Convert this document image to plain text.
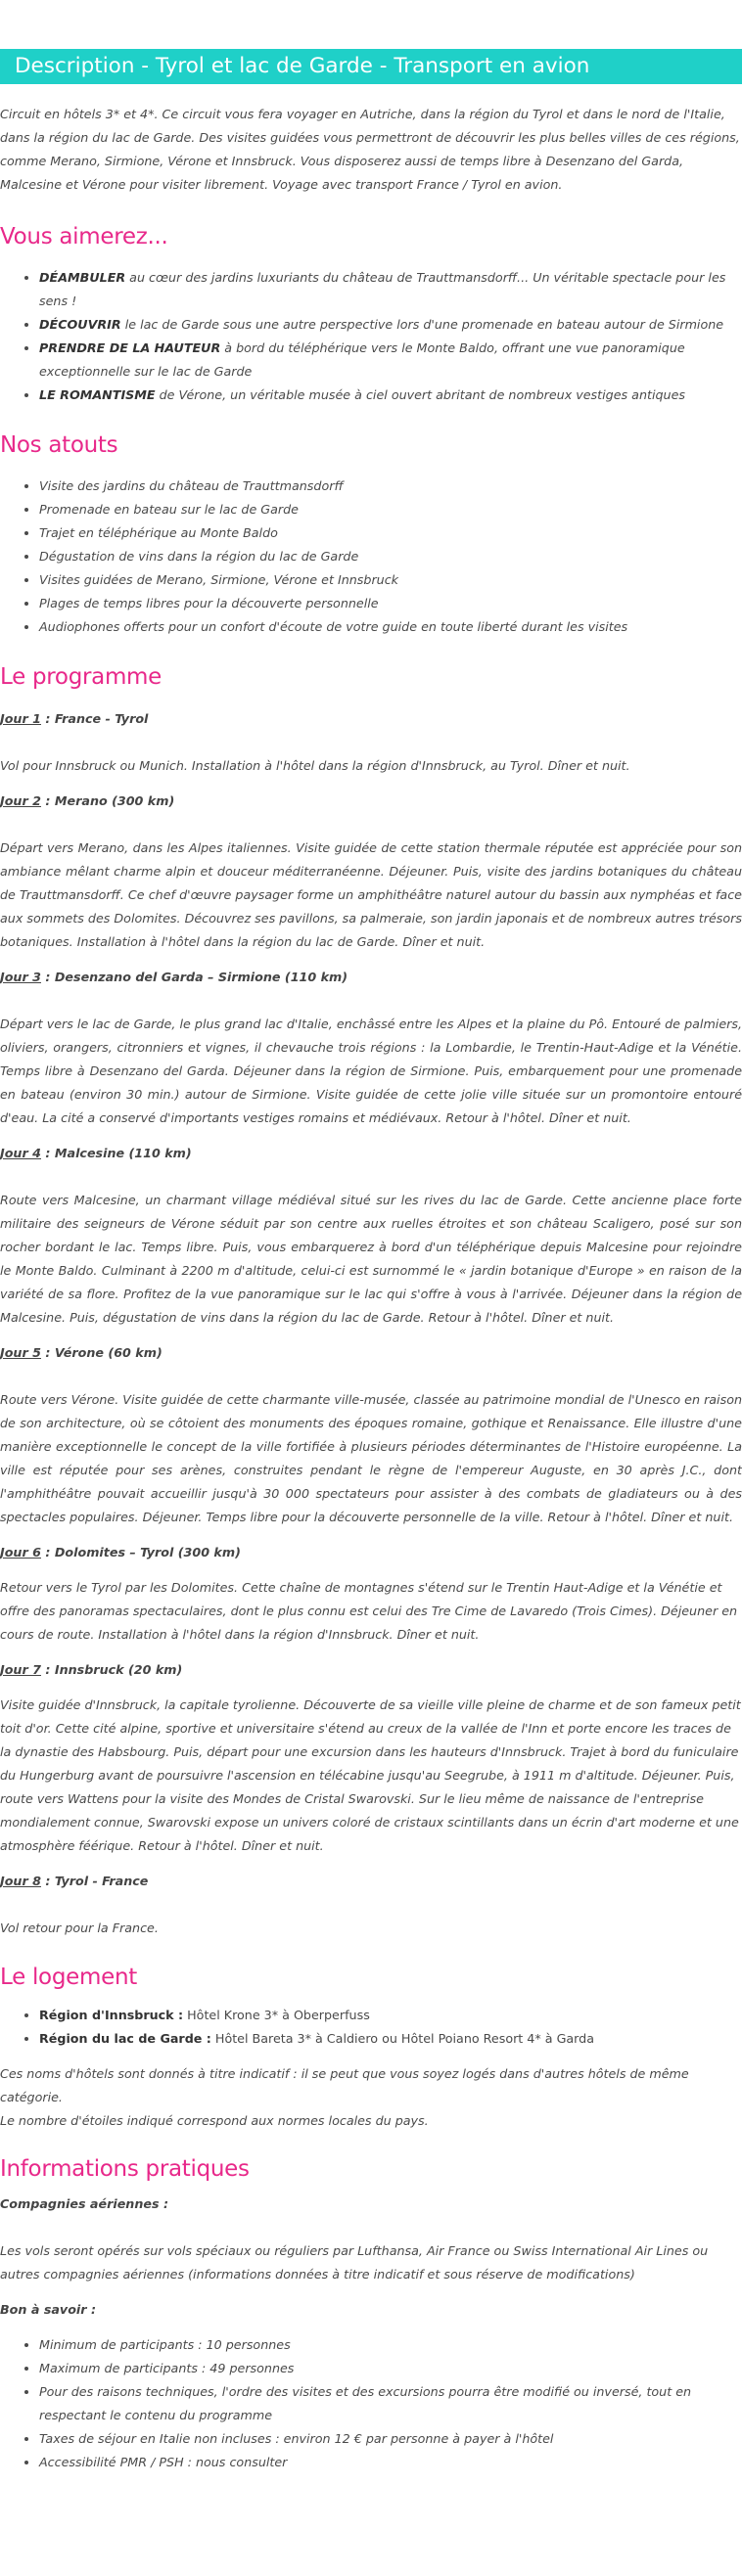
Description - Tyrol et lac de Garde - Transport en avion

Circuit en hôtels 3* et 4*. Ce circuit vous fera voyager en Autriche, dans la région du Tyrol et dans le nord de l'Italie, dans la région du lac de Garde. Des visites guidées vous permettront de découvrir les plus belles villes de ces régions, comme Merano, Sirmione, Vérone et Innsbruck. Vous disposerez aussi de temps libre à Desenzano del Garda, Malcesine et Vérone pour visiter librement. Voyage avec transport France / Tyrol en avion.

Vous aimerez...
• DÉAMBULER au cœur des jardins luxuriants du château de Trauttmansdorff... Un véritable spectacle pour les sens !
• DÉCOUVRIR le lac de Garde sous une autre perspective lors d'une promenade en bateau autour de Sirmione
• PRENDRE DE LA HAUTEUR à bord du téléphérique vers le Monte Baldo, offrant une vue panoramique exceptionnelle sur le lac de Garde
• LE ROMANTISME de Vérone, un véritable musée à ciel ouvert abritant de nombreux vestiges antiques
Nos atouts
• Visite des jardins du château de Trauttmansdorff
• Promenade en bateau sur le lac de Garde
• Trajet en téléphérique au Monte Baldo
• Dégustation de vins dans la région du lac de Garde
• Visites guidées de Merano, Sirmione, Vérone et Innsbruck
• Plages de temps libres pour la découverte personnelle
• Audiophones offerts pour un confort d'écoute de votre guide en toute liberté durant les visites
Le programme

Jour 1 : France - Tyrol

Vol pour Innsbruck ou Munich. Installation à l'hôtel dans la région d'Innsbruck, au Tyrol. Dîner et nuit.

Jour 2 : Merano (300 km)

Départ vers Merano, dans les Alpes italiennes. Visite guidée de cette station thermale réputée est appréciée pour son ambiance mêlant charme alpin et douceur méditerranéenne. Déjeuner. Puis, visite des jardins botaniques du château de Trauttmansdorff. Ce chef d'œuvre paysager forme un amphithéâtre naturel autour du bassin aux nymphéas et face aux sommets des Dolomites. Découvrez ses pavillons, sa palmeraie, son jardin japonais et de nombreux autres trésors botaniques. Installation à l'hôtel dans la région du lac de Garde. Dîner et nuit.

Jour 3 : Desenzano del Garda – Sirmione (110 km)

Départ vers le lac de Garde, le plus grand lac d'Italie, enchâssé entre les Alpes et la plaine du Pô. Entouré de palmiers, oliviers, orangers, citronniers et vignes, il chevauche trois régions : la Lombardie, le Trentin-Haut-Adige et la Vénétie. Temps libre à Desenzano del Garda. Déjeuner dans la région de Sirmione. Puis, embarquement pour une promenade en bateau (environ 30 min.) autour de Sirmione. Visite guidée de cette jolie ville située sur un promontoire entouré d'eau. La cité a conservé d'importants vestiges romains et médiévaux. Retour à l'hôtel. Dîner et nuit.

Jour 4 : Malcesine (110 km)

Route vers Malcesine, un charmant village médiéval situé sur les rives du lac de Garde. Cette ancienne place forte militaire des seigneurs de Vérone séduit par son centre aux ruelles étroites et son château Scaligero, posé sur son rocher bordant le lac. Temps libre. Puis, vous embarquerez à bord d'un téléphérique depuis Malcesine pour rejoindre le Monte Baldo. Culminant à 2200 m d'altitude, celui-ci est surnommé le « jardin botanique d'Europe » en raison de la variété de sa flore. Profitez de la vue panoramique sur le lac qui s'offre à vous à l'arrivée. Déjeuner dans la région de Malcesine. Puis, dégustation de vins dans la région du lac de Garde. Retour à l'hôtel. Dîner et nuit.

Jour 5 : Vérone (60 km)

Route vers Vérone. Visite guidée de cette charmante ville-musée, classée au patrimoine mondial de l'Unesco en raison de son architecture, où se côtoient des monuments des époques romaine, gothique et Renaissance. Elle illustre d'une manière exceptionnelle le concept de la ville fortifiée à plusieurs périodes déterminantes de l'Histoire européenne. La ville est réputée pour ses arènes, construites pendant le règne de l'empereur Auguste, en 30 après J.C., dont l'amphithéâtre pouvait accueillir jusqu'à 30 000 spectateurs pour assister à des combats de gladiateurs ou à des spectacles populaires. Déjeuner. Temps libre pour la découverte personnelle de la ville. Retour à l'hôtel. Dîner et nuit.

Jour 6 : Dolomites – Tyrol (300 km)

Retour vers le Tyrol par les Dolomites. Cette chaîne de montagnes s'étend sur le Trentin Haut-Adige et la Vénétie et offre des panoramas spectaculaires, dont le plus connu est celui des Tre Cime de Lavaredo (Trois Cimes). Déjeuner en cours de route. Installation à l'hôtel dans la région d'Innsbruck. Dîner et nuit.

Jour 7 : Innsbruck (20 km)

Visite guidée d'Innsbruck, la capitale tyrolienne. Découverte de sa vieille ville pleine de charme et de son fameux petit toit d'or. Cette cité alpine, sportive et universitaire s'étend au creux de la vallée de l'Inn et porte encore les traces de la dynastie des Habsbourg. Puis, départ pour une excursion dans les hauteurs d'Innsbruck. Trajet à bord du funiculaire du Hungerburg avant de poursuivre l'ascension en télécabine jusqu'au Seegrube, à 1911 m d'altitude. Déjeuner. Puis, route vers Wattens pour la visite des Mondes de Cristal Swarovski. Sur le lieu même de naissance de l'entreprise mondialement connue, Swarovski expose un univers coloré de cristaux scintillants dans un écrin d'art moderne et une atmosphère féérique. Retour à l'hôtel. Dîner et nuit.

Jour 8 : Tyrol - France

Vol retour pour la France.

Le logement
• Région d'Innsbruck : Hôtel Krone 3* à Oberperfuss
• Région du lac de Garde : Hôtel Bareta 3* à Caldiero ou Hôtel Poiano Resort 4* à Garda

Ces noms d'hôtels sont donnés à titre indicatif : il se peut que vous soyez logés dans d'autres hôtels de même catégorie.

Le nombre d'étoiles indiqué correspond aux normes locales du pays.

Informations pratiques

Compagnies aériennes :

Les vols seront opérés sur vols spéciaux ou réguliers par Lufthansa, Air France ou Swiss International Air Lines ou autres compagnies aériennes (informations données à titre indicatif et sous réserve de modifications)

Bon à savoir :

• Minimum de participants : 10 personnes
• Maximum de participants : 49 personnes
• Pour des raisons techniques, l'ordre des visites et des excursions pourra être modifié ou inversé, tout en respectant le contenu du programme
• Taxes de séjour en Italie non incluses : environ 12 € par personne à payer à l'hôtel
• Accessibilité PMR / PSH : nous consulter
